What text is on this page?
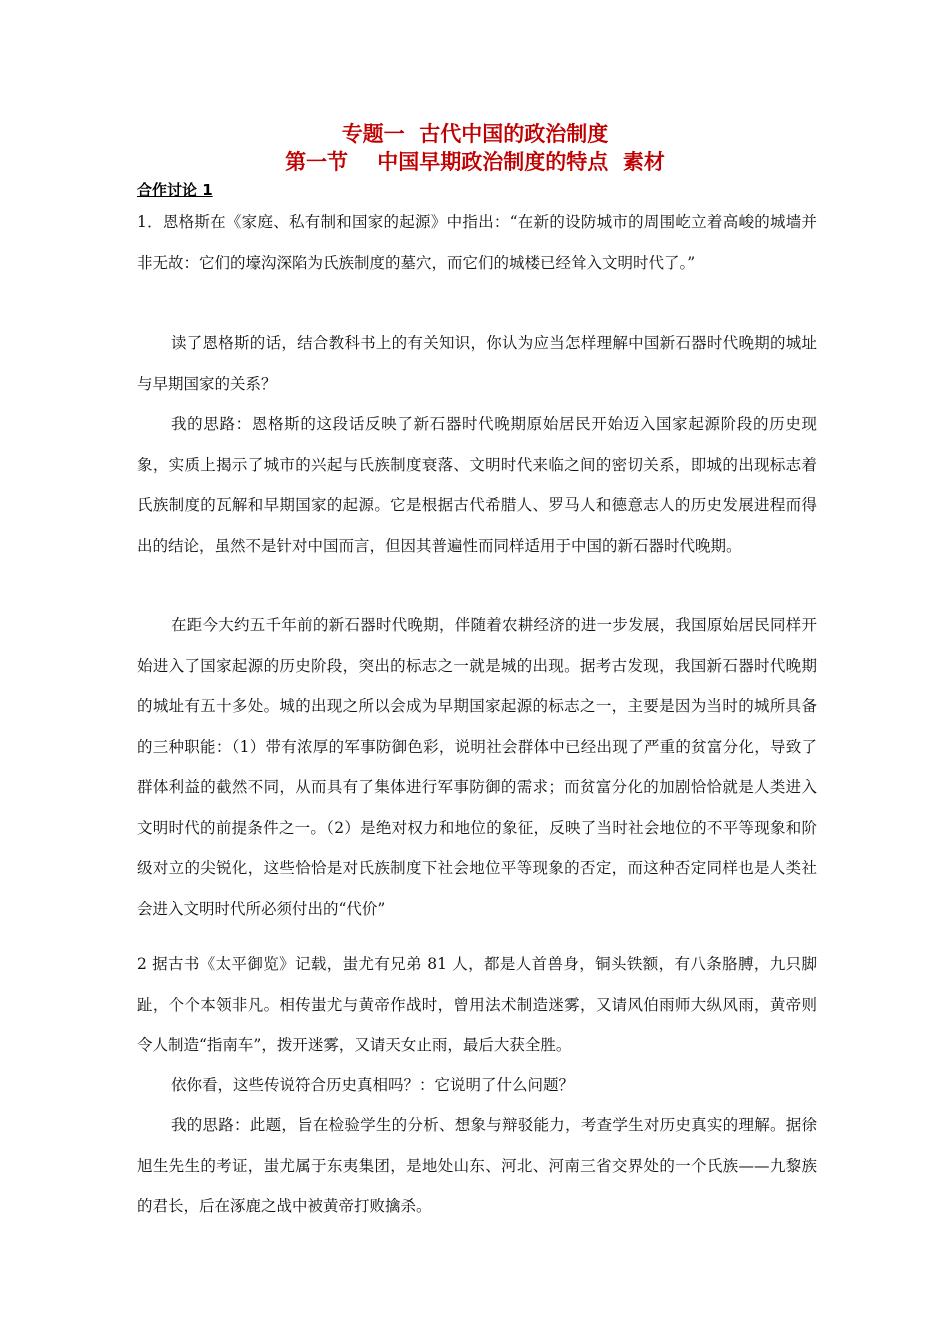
专题一  古代中国的政治制度
第一节    中国早期政治制度的特点  素材
合作讨论 1

1．恩格斯在《家庭、私有制和国家的起源》中指出：“在新的设防城市的周围屹立着高峻的城墙并非无故：它们的壕沟深陷为氏族制度的墓穴，而它们的城楼已经耸入文明时代了。”

读了恩格斯的话，结合教科书上的有关知识，你认为应当怎样理解中国新石器时代晚期的城址与早期国家的关系？

我的思路：恩格斯的这段话反映了新石器时代晚期原始居民开始迈入国家起源阶段的历史现象，实质上揭示了城市的兴起与氏族制度衰落、文明时代来临之间的密切关系，即城的出现标志着氏族制度的瓦解和早期国家的起源。它是根据古代希腊人、罗马人和德意志人的历史发展进程而得出的结论，虽然不是针对中国而言，但因其普遍性而同样适用于中国的新石器时代晚期。

在距今大约五千年前的新石器时代晚期，伴随着农耕经济的进一步发展，我国原始居民同样开始进入了国家起源的历史阶段，突出的标志之一就是城的出现。据考古发现，我国新石器时代晚期的城址有五十多处。城的出现之所以会成为早期国家起源的标志之一，主要是因为当时的城所具备的三种职能：（1）带有浓厚的军事防御色彩，说明社会群体中已经出现了严重的贫富分化，导致了群体利益的截然不同，从而具有了集体进行军事防御的需求；而贫富分化的加剧恰恰就是人类进入文明时代的前提条件之一。（2）是绝对权力和地位的象征，反映了当时社会地位的不平等现象和阶级对立的尖锐化，这些恰恰是对氏族制度下社会地位平等现象的否定，而这种否定同样也是人类社会进入文明时代所必须付出的“代价”

2 据古书《太平御览》记载，蚩尤有兄弟 81 人，都是人首兽身，铜头铁额，有八条胳膊，九只脚趾，个个本领非凡。相传蚩尤与黄帝作战时，曾用法术制造迷雾，又请风伯雨师大纵风雨，黄帝则令人制造“指南车”，拨开迷雾，又请天女止雨，最后大获全胜。

依你看，这些传说符合历史真相吗？：它说明了什么问题？

我的思路：此题，旨在检验学生的分析、想象与辩驳能力，考查学生对历史真实的理解。据徐旭生先生的考证，蚩尤属于东夷集团，是地处山东、河北、河南三省交界处的一个氏族——九黎族的君长，后在涿鹿之战中被黄帝打败擒杀。
